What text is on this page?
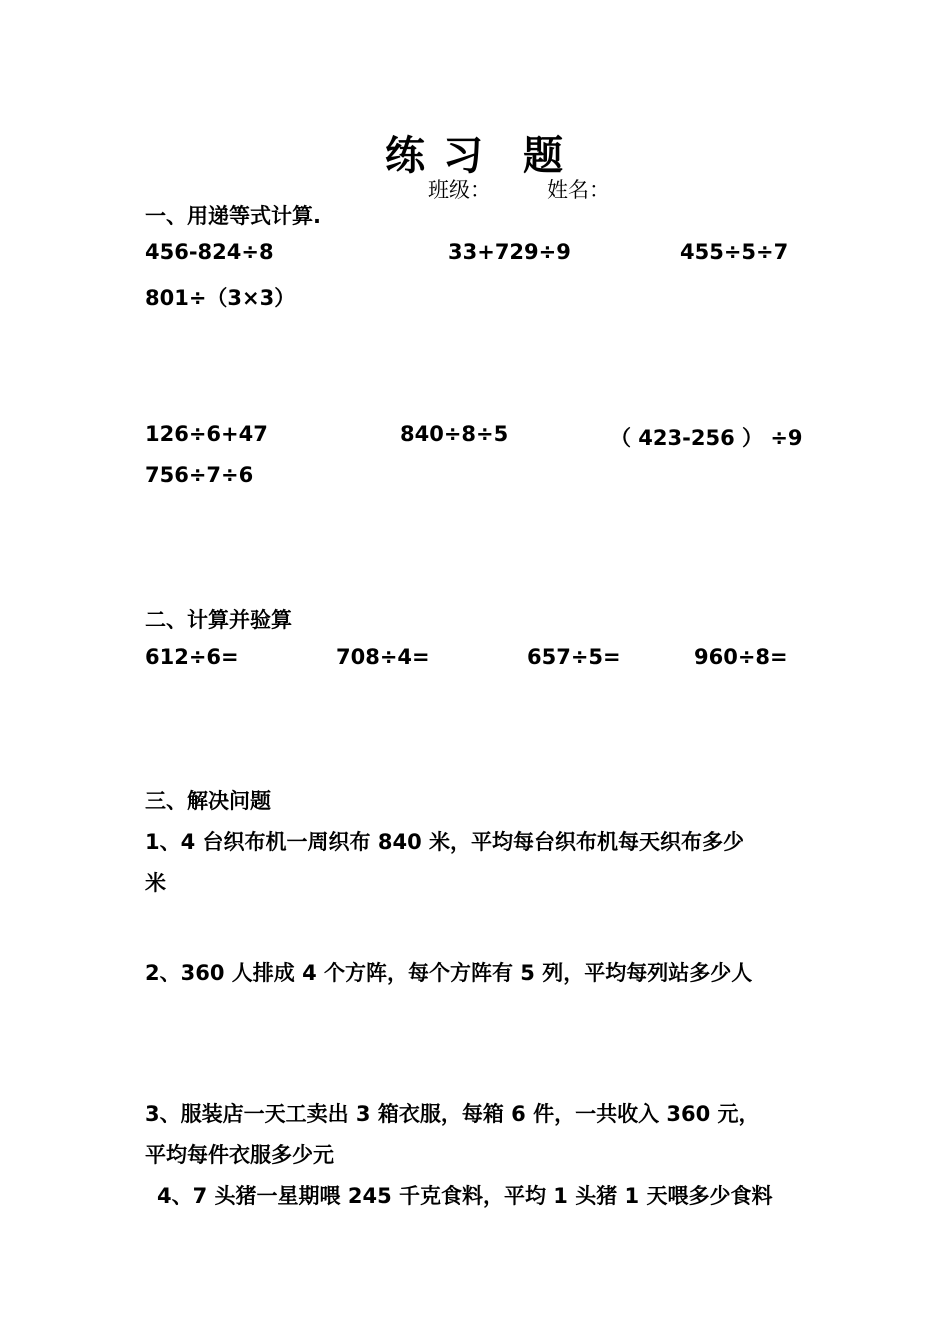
练 习 题
班级：	姓名：
一、用递等式计算.
456-824÷8	33+729÷9	455÷5÷7
801÷（3×3）
126÷6+47	840÷8÷5	（ 423-256 ） ÷9
756÷7÷6
二、计算并验算
612÷6=	708÷4=	657÷5=	960÷8=
三、解决问题
1、4 台织布机一周织布 840 米，平均每台织布机每天织布多少
米
2、360 人排成 4 个方阵，每个方阵有 5 列，平均每列站多少人
3、服装店一天工卖出 3 箱衣服，每箱 6 件，一共收入 360 元，
平均每件衣服多少元
4、7 头猪一星期喂 245 千克食料，平均 1 头猪 1 天喂多少食料
